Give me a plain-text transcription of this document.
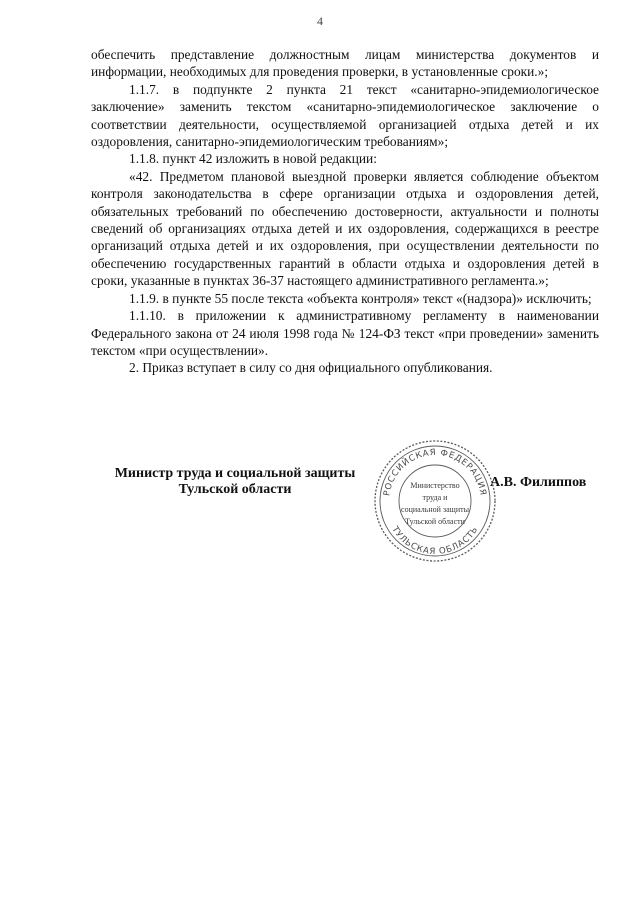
4

обеспечить представление должностным лицам министерства документов и информации, необходимых для проведения проверки, в установленные сроки.»;

1.1.7. в подпункте 2 пункта 21 текст «санитарно-эпидемиологическое заключение» заменить текстом «санитарно-эпидемиологическое заключение о соответствии деятельности, осуществляемой организацией отдыха детей и их оздоровления, санитарно-эпидемиологическим требованиям»;

1.1.8. пункт 42 изложить в новой редакции:

«42. Предметом плановой выездной проверки является соблюдение объектом контроля законодательства в сфере организации отдыха и оздоровления детей, обязательных требований по обеспечению достоверности, актуальности и полноты сведений об организациях отдыха детей и их оздоровления, содержащихся в реестре организаций отдыха детей и их оздоровления, при осуществлении деятельности по обеспечению государственных гарантий в области отдыха и оздоровления детей в сроки, указанные в пунктах 36-37 настоящего административного регламента.»;

1.1.9. в пункте 55 после текста «объекта контроля» текст «(надзора)» исключить;

1.1.10. в приложении к административному регламенту в наименовании Федерального закона от 24 июля 1998 года № 124-ФЗ текст «при проведении» заменить текстом «при осуществлении».

2. Приказ вступает в силу со дня официального опубликования.

Министр труда и социальной защиты
Тульской области	РОССИЙСКАЯ ФЕДЕРАЦИЯ
ТУЛЬСКАЯ ОБЛАСТЬ
Министерство
труда и
социальной защиты
Тульской области
А.В. Филиппов
